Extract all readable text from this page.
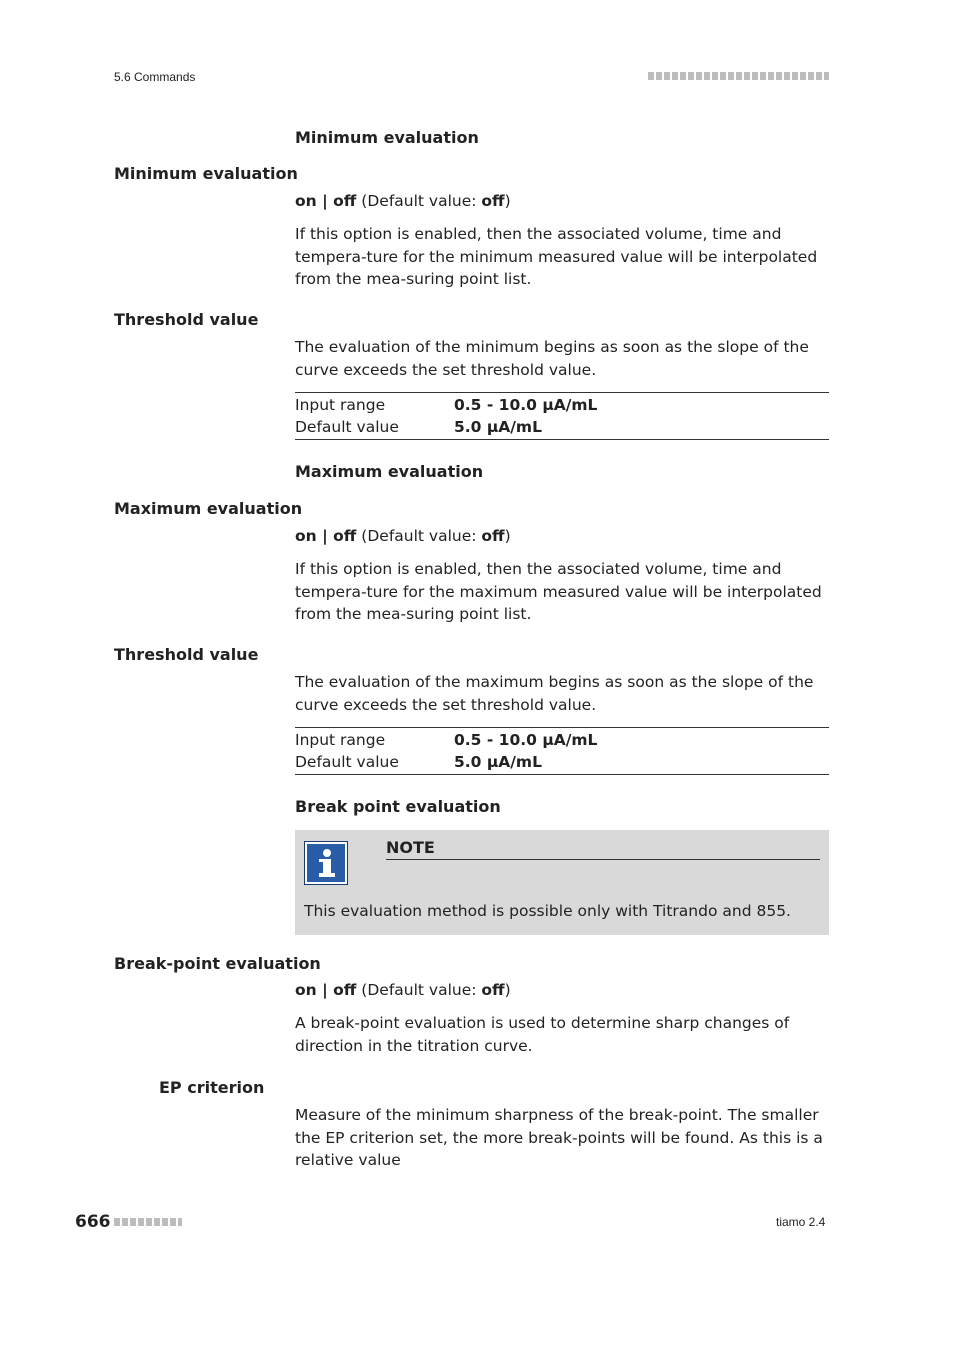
5.6 Commands
666	tiamo 2.4
Minimum evaluation
Minimum evaluation
on | off (Default value: off)
If this option is enabled, then the associated volume, time and tempera-ture for the minimum measured value will be interpolated from the mea-suring point list.
Threshold value
The evaluation of the minimum begins as soon as the slope of the curve exceeds the set threshold value.
Input range	0.5 - 10.0 µA/mL
Default value	5.0 µA/mL
Maximum evaluation
Maximum evaluation
on | off (Default value: off)
If this option is enabled, then the associated volume, time and tempera-ture for the maximum measured value will be interpolated from the mea-suring point list.
Threshold value
The evaluation of the maximum begins as soon as the slope of the curve exceeds the set threshold value.
Input range	0.5 - 10.0 µA/mL
Default value	5.0 µA/mL
Break point evaluation
NOTE
This evaluation method is possible only with Titrando and 855.
Break-point evaluation
on | off (Default value: off)
A break-point evaluation is used to determine sharp changes of direction in the titration curve.
EP criterion
Measure of the minimum sharpness of the break-point. The smaller the EP criterion set, the more break-points will be found. As this is a relative value
